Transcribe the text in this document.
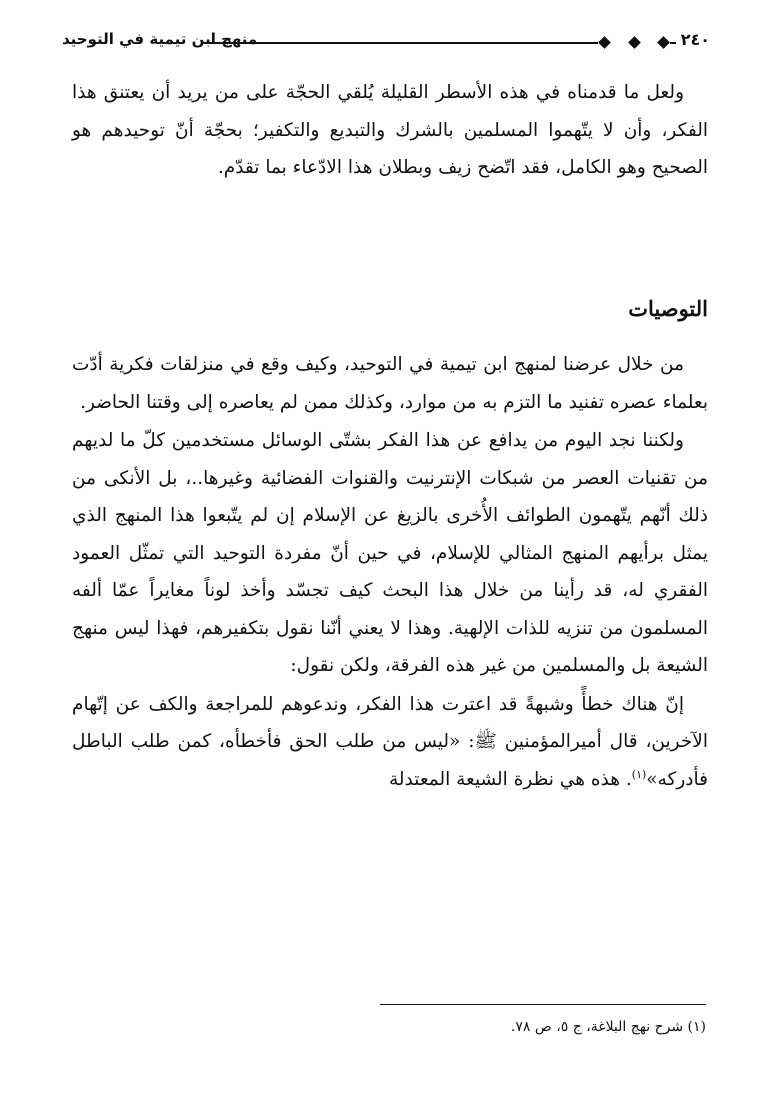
٢٤٠
منهج ابن تيمية في التوحيد

ولعل ما قدمناه في هذه الأسطر القليلة يُلقي الحجّة على من يريد أن يعتنق هذا الفكر، وأن لا يتّهموا المسلمين بالشرك والتبديع والتكفير؛ بحجّة أنّ توحيدهم هو الصحيح وهو الكامل، فقد اتّضح زيف وبطلان هذا الادّعاء بما تقدّم.

التوصيات

من خلال عرضنا لمنهج ابن تيمية في التوحيد، وكيف وقع في منزلقات فكرية أدّت بعلماء عصره تفنيد ما التزم به من موارد، وكذلك ممن لم يعاصره إلى وقتنا الحاضر.

ولكننا نجد اليوم من يدافع عن هذا الفكر بشتّى الوسائل مستخدمين كلّ ما لديهم من تقنيات العصر من شبكات الإنترنيت والقنوات الفضائية وغيرها..، بل الأنكى من ذلك أنّهم يتّهمون الطوائف الأُخرى بالزيغ عن الإسلام إن لم يتّبعوا هذا المنهج الذي يمثل برأيهم المنهج المثالي للإسلام، في حين أنّ مفردة التوحيد التي تمثّل العمود الفقري له، قد رأينا من خلال هذا البحث كيف تجسّد وأخذ لوناً مغايراً عمّا ألفه المسلمون من تنزيه للذات الإلهية. وهذا لا يعني أنّنا نقول بتكفيرهم، فهذا ليس منهج الشيعة بل والمسلمين من غير هذه الفرقة، ولكن نقول:

إنّ هناك خطأً وشبهةً قد اعترت هذا الفكر، وندعوهم للمراجعة والكف عن إتّهام الآخرين، قال أميرالمؤمنين ﷺ: «ليس من طلب الحق فأخطأه، كمن طلب الباطل فأدركه»$^{(١)}$. هذه هي نظرة الشيعة المعتدلة

(١) شرح نهج البلاغة، ج ٥، ص ٧٨.
